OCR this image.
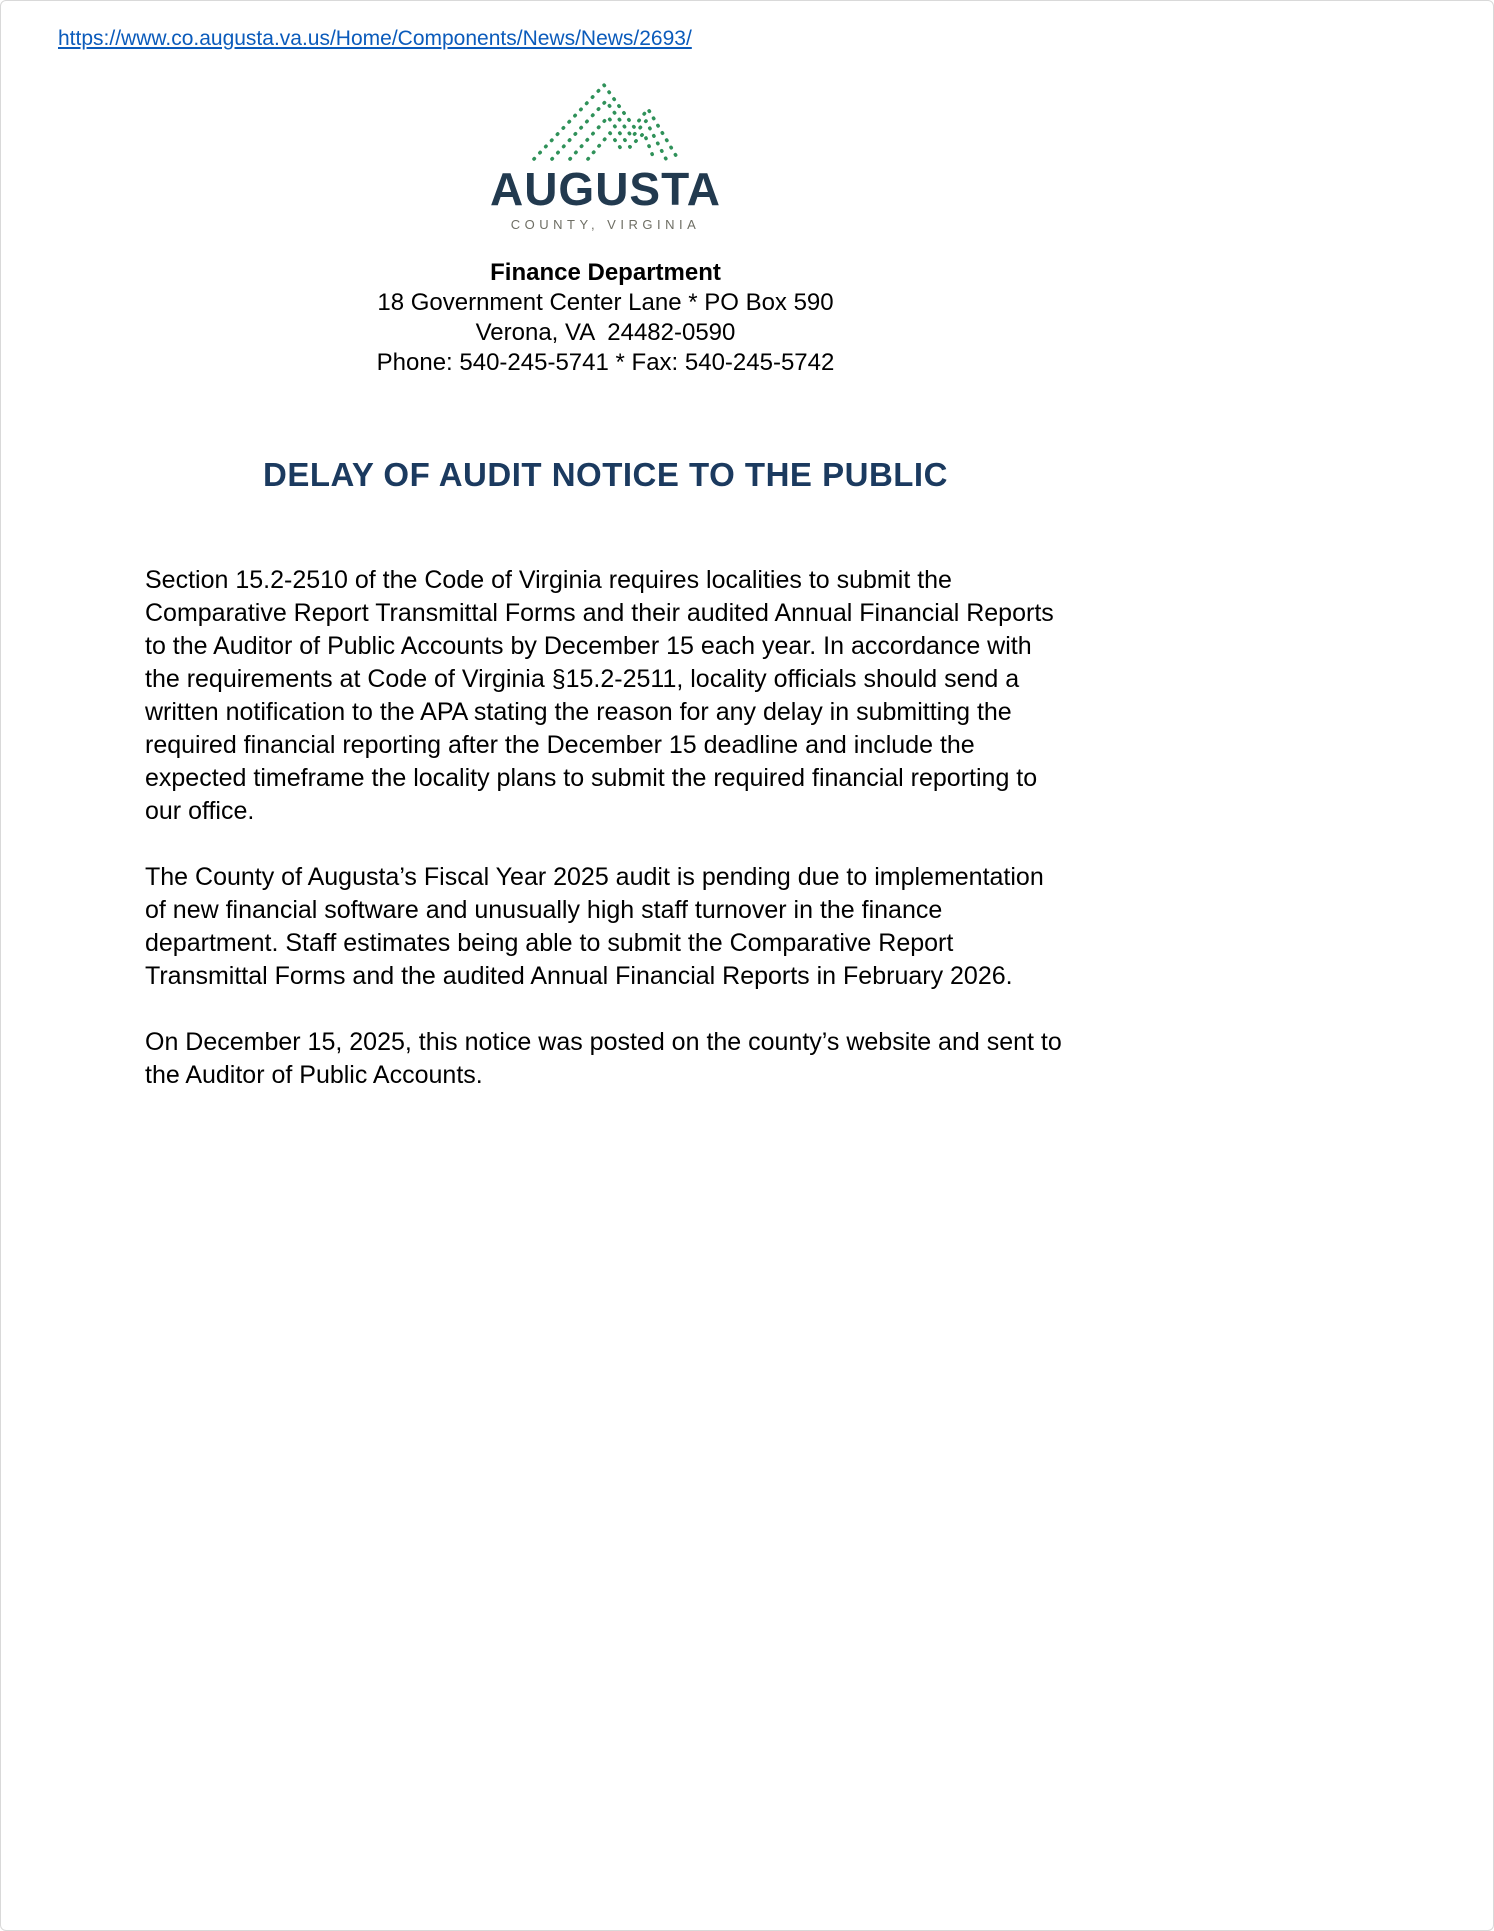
https://www.co.augusta.va.us/Home/Components/News/News/2693/
AUGUSTA
COUNTY, VIRGINIA
Finance Department
18 Government Center Lane * PO Box 590
Verona, VA  24482-0590
Phone: 540-245-5741 * Fax: 540-245-5742
DELAY OF AUDIT NOTICE TO THE PUBLIC

Section 15.2-2510 of the Code of Virginia requires localities to submit the Comparative Report Transmittal Forms and their audited Annual Financial Reports to the Auditor of Public Accounts by December 15 each year. In accordance with the requirements at Code of Virginia §15.2-2511, locality officials should send a written notification to the APA stating the reason for any delay in submitting the required financial reporting after the December 15 deadline and include the expected timeframe the locality plans to submit the required financial reporting to our office.

The County of Augusta’s Fiscal Year 2025 audit is pending due to implementation of new financial software and unusually high staff turnover in the finance department. Staff estimates being able to submit the Comparative Report Transmittal Forms and the audited Annual Financial Reports in February 2026.

On December 15, 2025, this notice was posted on the county’s website and sent to the Auditor of Public Accounts.
